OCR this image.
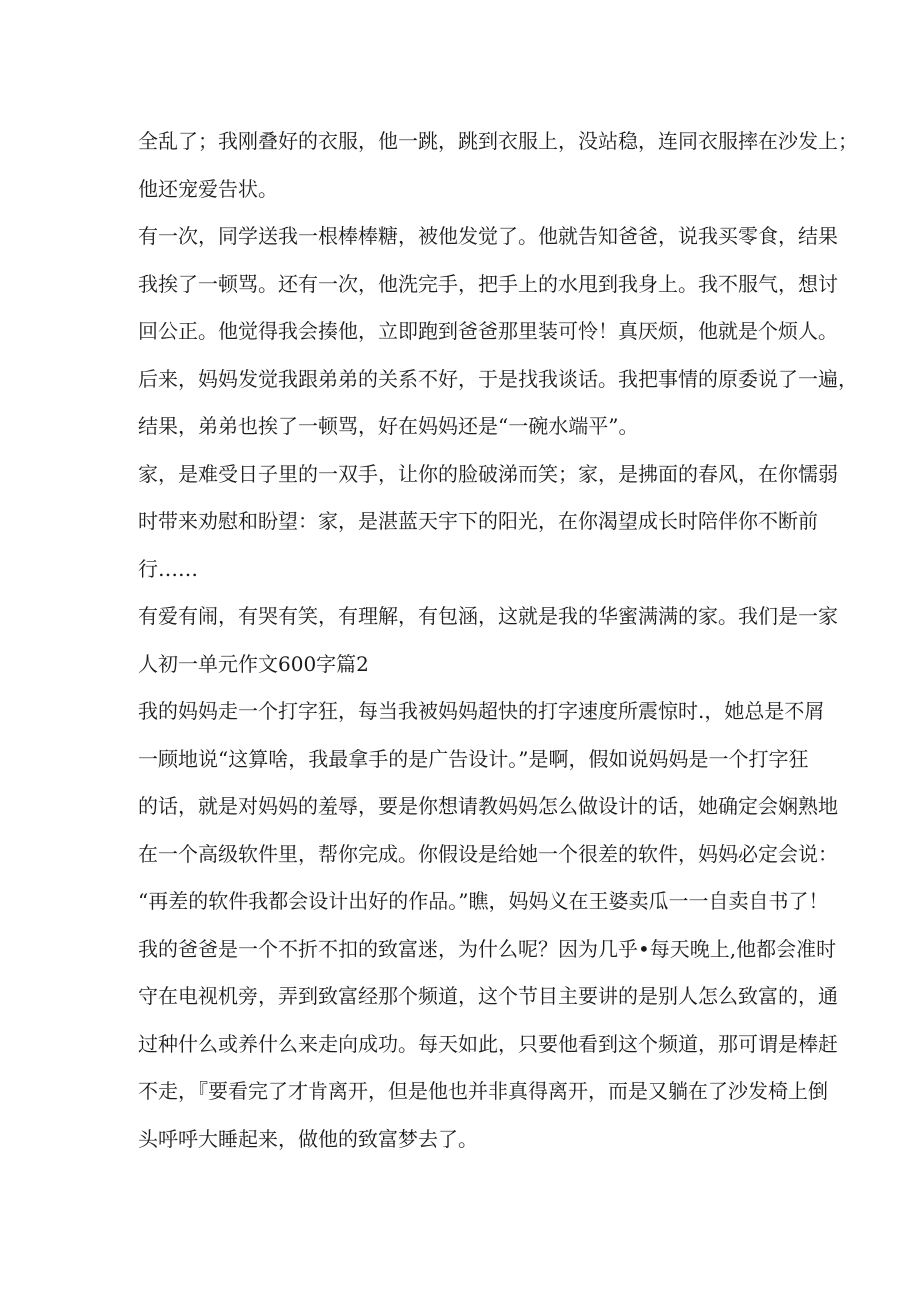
全乱了；我刚叠好的衣服，他一跳，跳到衣服上，没站稳，连同衣服摔在沙发上；
他还宠爱告状。
有一次，同学送我一根棒棒糖，被他发觉了。他就告知爸爸，说我买零食，结果
我挨了一顿骂。还有一次，他洗完手，把手上的水甩到我身上。我不服气，想讨
回公正。他觉得我会揍他，立即跑到爸爸那里装可怜！真厌烦，他就是个烦人。
后来，妈妈发觉我跟弟弟的关系不好，于是找我谈话。我把事情的原委说了一遍，
结果，弟弟也挨了一顿骂，好在妈妈还是“一碗水端平”。
家，是难受日子里的一双手，让你的脸破涕而笑；家，是拂面的春风，在你懦弱
时带来劝慰和盼望：家，是湛蓝天宇下的阳光，在你渴望成长时陪伴你不断前
行……
有爱有闹，有哭有笑，有理解，有包涵，这就是我的华蜜满满的家。我们是一家
人初一单元作文600字篇2
我的妈妈走一个打字狂，每当我被妈妈超快的打字速度所震惊时.，她总是不屑
一顾地说“这算啥，我最拿手的是广告设计。”是啊，假如说妈妈是一个打字狂
的话，就是对妈妈的羞辱，要是你想请教妈妈怎么做设计的话，她确定会娴熟地
在一个高级软件里，帮你完成。你假设是给她一个很差的软件，妈妈必定会说：
“再差的软件我都会设计出好的作品。”瞧，妈妈义在王婆卖瓜一一自卖自书了！
我的爸爸是一个不折不扣的致富迷，为什么呢？因为几乎•每天晚上,他都会准时
守在电视机旁，弄到致富经那个频道，这个节目主要讲的是别人怎么致富的，通
过种什么或养什么来走向成功。每天如此，只要他看到这个频道，那可谓是棒赶
不走，『要看完了才肯离开，但是他也并非真得离开，而是又躺在了沙发椅上倒
头呼呼大睡起来，做他的致富梦去了。
